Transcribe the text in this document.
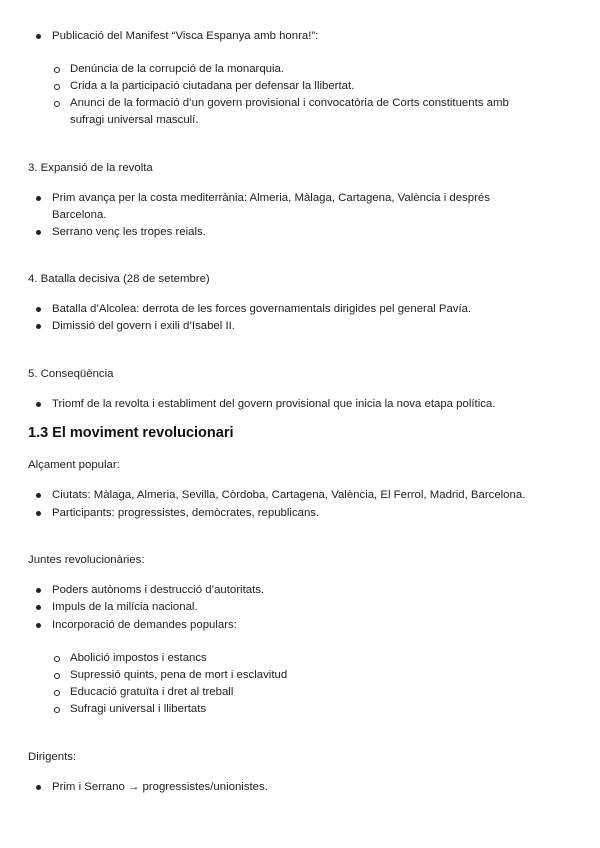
Publicació del Manifest “Visca Espanya amb honra!”:
Denúncia de la corrupció de la monarquia.
Crida a la participació ciutadana per defensar la llibertat.
Anunci de la formació d’un govern provisional i convocatòria de Corts constituents amb
sufragi universal masculí.
3. Expansió de la revolta
Prim avança per la costa mediterrània: Almeria, Màlaga, Cartagena, València i després
Barcelona.
Serrano venç les tropes reials.
4. Batalla decisiva (28 de setembre)
Batalla d’Alcolea: derrota de les forces governamentals dirigides pel general Pavía.
Dimissió del govern i exili d’Isabel II.
5. Conseqüència
Triomf de la revolta i establiment del govern provisional que inicia la nova etapa política.
1.3 El moviment revolucionari
Alçament popular:
Ciutats: Màlaga, Almeria, Sevilla, Còrdoba, Cartagena, València, El Ferrol, Madrid, Barcelona.
Participants: progressistes, demòcrates, republicans.
Juntes revolucionàries:
Poders autònoms i destrucció d’autoritats.
Impuls de la milícia nacional.
Incorporació de demandes populars:
Abolició impostos i estancs
Supressió quints, pena de mort i esclavitud
Educació gratuïta i dret al treball
Sufragi universal i llibertats
Dirigents:
Prim i Serrano → progressistes/unionistes.
